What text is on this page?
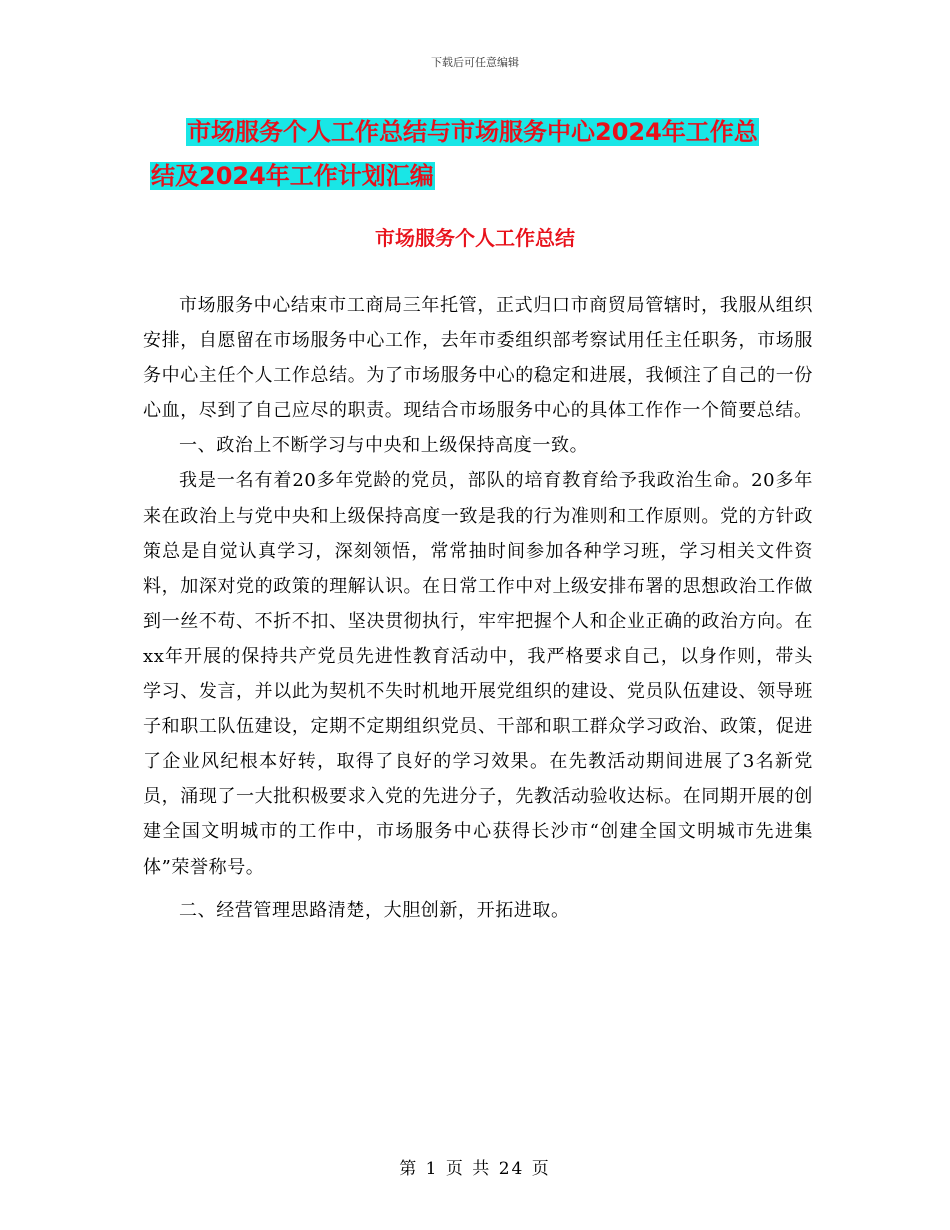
下载后可任意编辑
市场服务个人工作总结与市场服务中心2024年工作总
结及2024年工作计划汇编
市场服务个人工作总结

市场服务中心结束市工商局三年托管，正式归口市商贸局管辖时，我服从组织安排，自愿留在市场服务中心工作，去年市委组织部考察试用任主任职务，市场服务中心主任个人工作总结。为了市场服务中心的稳定和进展，我倾注了自己的一份心血，尽到了自己应尽的职责。现结合市场服务中心的具体工作作一个简要总结。

一、政治上不断学习与中央和上级保持高度一致。

我是一名有着20多年党龄的党员，部队的培育教育给予我政治生命。20多年来在政治上与党中央和上级保持高度一致是我的行为准则和工作原则。党的方针政策总是自觉认真学习，深刻领悟，常常抽时间参加各种学习班，学习相关文件资料，加深对党的政策的理解认识。在日常工作中对上级安排布署的思想政治工作做到一丝不苟、不折不扣、坚决贯彻执行，牢牢把握个人和企业正确的政治方向。在xx年开展的保持共产党员先进性教育活动中，我严格要求自己，以身作则，带头学习、发言，并以此为契机不失时机地开展党组织的建设、党员队伍建设、领导班子和职工队伍建设，定期不定期组织党员、干部和职工群众学习政治、政策，促进了企业风纪根本好转，取得了良好的学习效果。在先教活动期间进展了3名新党员，涌现了一大批积极要求入党的先进分子，先教活动验收达标。在同期开展的创建全国文明城市的工作中，市场服务中心获得长沙市“创建全国文明城市先进集体”荣誉称号。

二、经营管理思路清楚，大胆创新，开拓进取。

第 1 页 共 24 页
